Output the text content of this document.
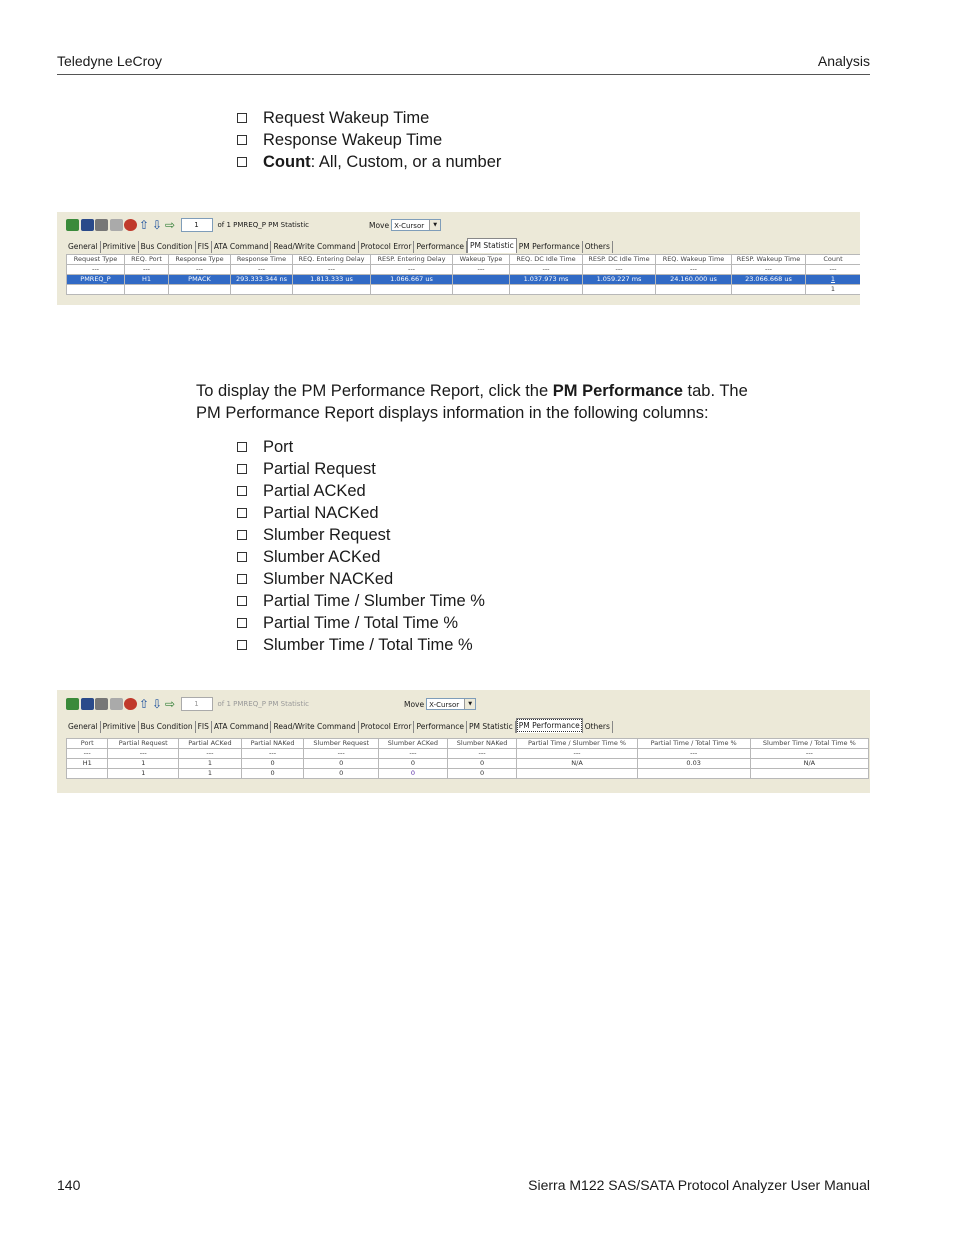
Teledyne LeCroy	Analysis
Request Wakeup Time
Response Wakeup Time
Count : All, Custom, or a number
⇧ ⇩ ⇨	1	of 1 PMREQ_P PM Statistic	Move X-Cursor	▼
General Primitive Bus Condition FIS ATA Command Read/Write Command Protocol Error Performance PM Statistic PM Performance Others
Request Type	REQ. Port	Response Type	Response Time	REQ. Entering Delay	RESP. Entering Delay	Wakeup Type	REQ. DC Idle Time	RESP. DC Idle Time	REQ. Wakeup Time	RESP. Wakeup Time	Count
---	---	---	---	---	---	---	---	---	---	---	---
PMREQ_P	H1	PMACK	293.333.344 ns	1.813.333 us	1.066.667 us		1.037.973 ms	1.059.227 ms	24.160.000 us	23.066.668 us	1
											1

To display the PM Performance Report, click the PM Performance tab. The
PM Performance Report displays information in the following columns:

Port
Partial Request
Partial ACKed
Partial NACKed
Slumber Request
Slumber ACKed
Slumber NACKed
Partial Time / Slumber Time %
Partial Time / Total Time %
Slumber Time / Total Time %
⇧ ⇩ ⇨	1	of 1 PMREQ_P PM Statistic	Move X-Cursor	▼
General Primitive Bus Condition FIS ATA Command Read/Write Command Protocol Error Performance PM Statistic PM Performance Others
Port	Partial Request	Partial ACKed	Partial NAKed	Slumber Request	Slumber ACKed	Slumber NAKed	Partial Time / Slumber Time %	Partial Time / Total Time %	Slumber Time / Total Time %
---	---	---	---	---	---	---	---	---	---
H1	1	1	0	0	0	0	N/A	0.03	N/A
	1	1	0	0	0	0			
140	Sierra M122 SAS/SATA Protocol Analyzer User Manual
